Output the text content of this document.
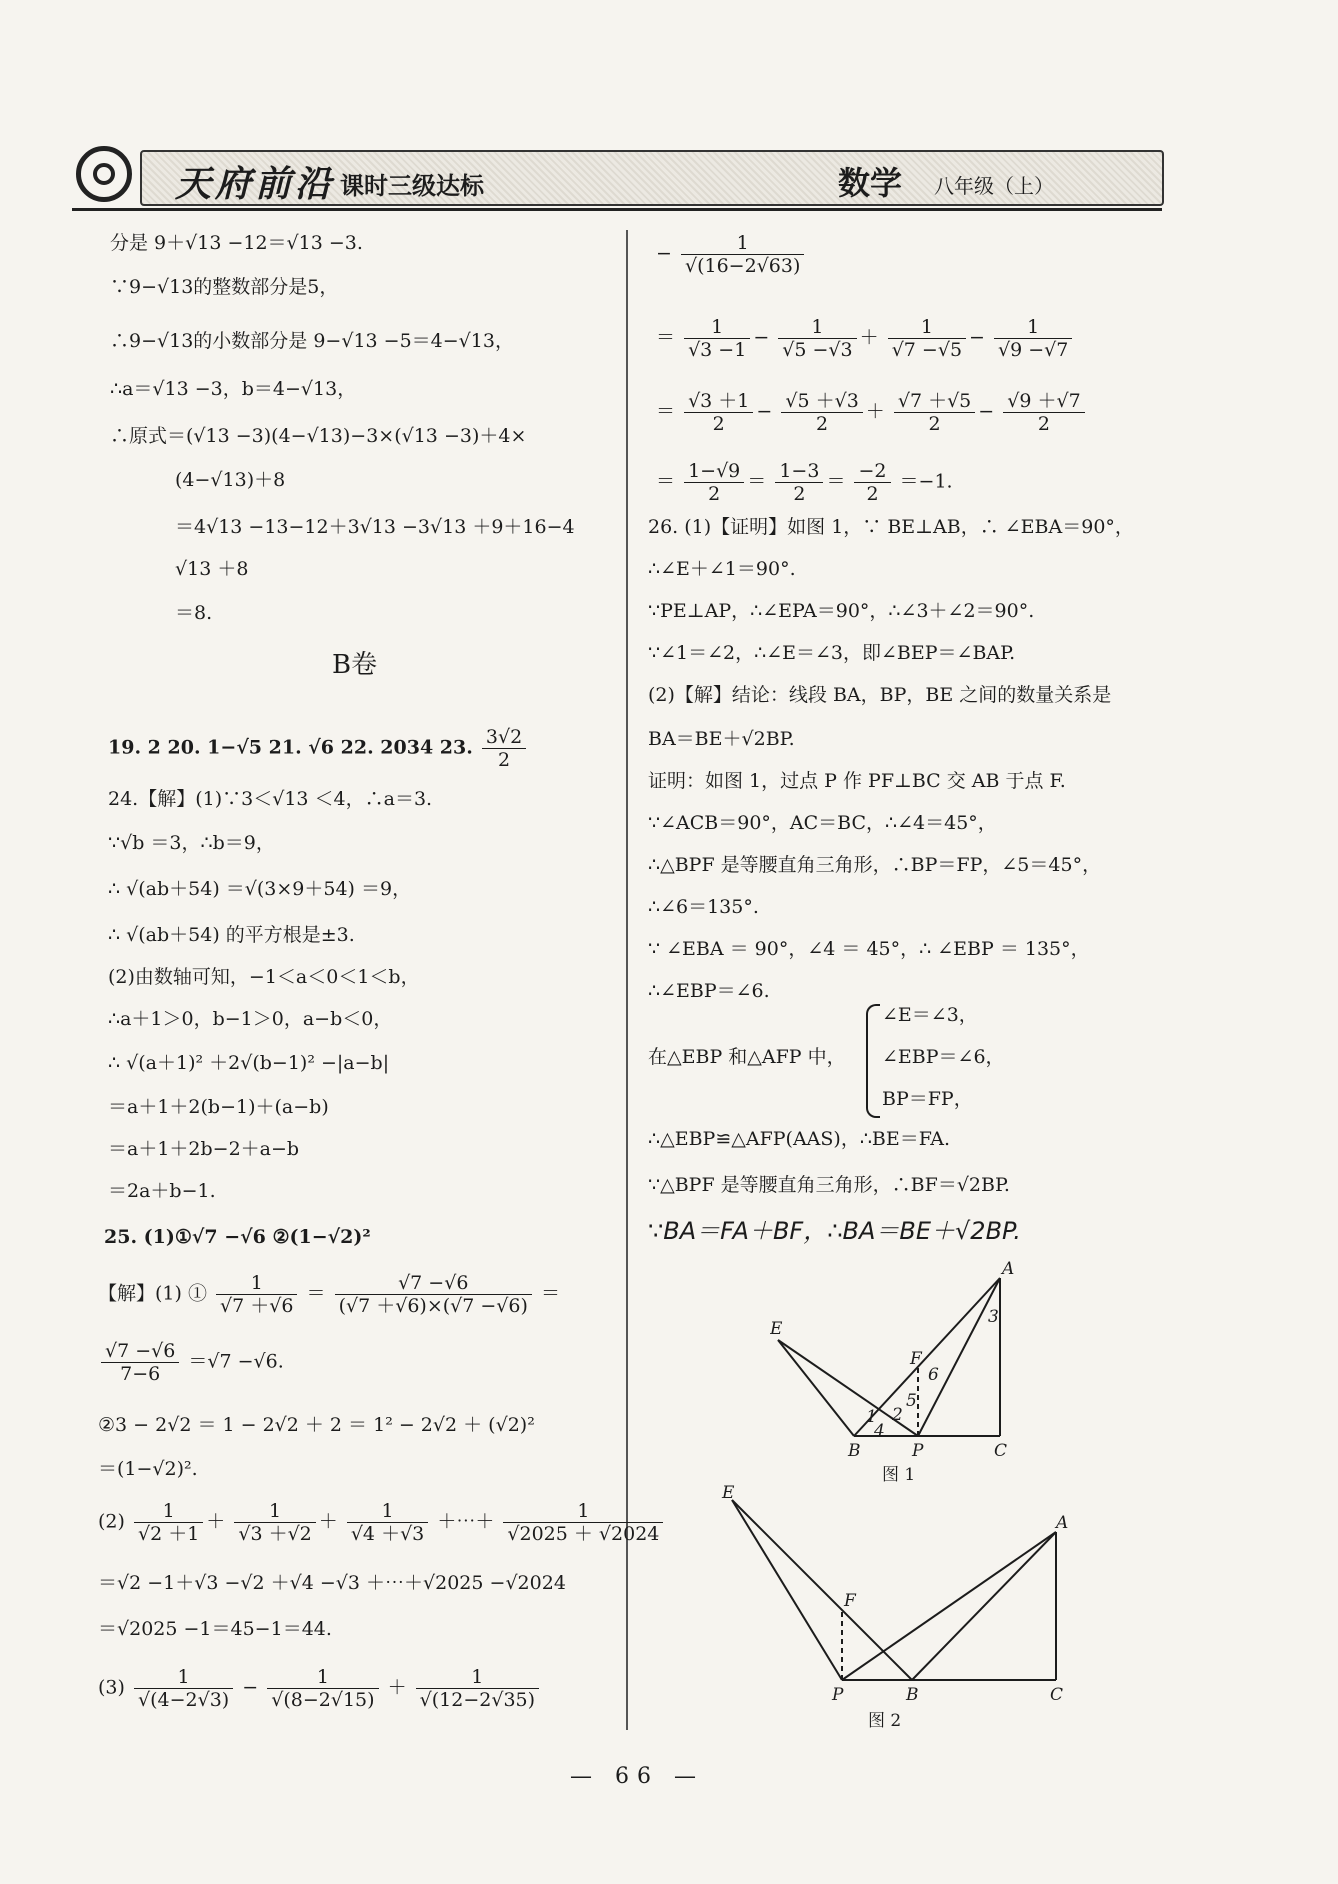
天府前沿 课时三级达标	数学 八年级（上）
分是 9＋√13 −12＝√13 −3.
∵9−√13的整数部分是5，
∴9−√13的小数部分是 9−√13 −5＝4−√13，
∴a＝√13 −3，b＝4−√13，
∴原式＝(√13 −3)(4−√13)−3×(√13 −3)＋4×
(4−√13)＋8
＝4√13 −13−12＋3√13 −3√13 ＋9＋16−4
√13 ＋8
＝8.
B卷
19. 2 20. 1−√5 21. √6 22. 2034 23. $\frac{3√2}{2}$
24.【解】(1)∵3＜√13 ＜4，∴a＝3.
∵√b ＝3，∴b＝9，
∴ √(ab＋54) ＝√(3×9＋54) ＝9，
∴ √(ab＋54) 的平方根是±3.
(2)由数轴可知，−1＜a＜0＜1＜b，
∴a＋1＞0，b−1＞0，a−b＜0，
∴ √(a＋1)² ＋2√(b−1)² −|a−b|
＝a＋1＋2(b−1)＋(a−b)
＝a＋1＋2b−2＋a−b
＝2a＋b−1.
25. (1)①√7 −√6 ②(1−√2)²
【解】(1) ① $\frac{1}{√7 +√6} = \frac{√7 -√6}{(√7 +√6)\times(√7 -√6)}$ ＝
$\frac{√7 -√6}{7-6} =√7 -√6$.
②3 − 2√2 ＝ 1 − 2√2 ＋ 2 ＝ 1² − 2√2 ＋ (√2)²
＝(1−√2)².
$(2) \frac{1}{√2 +1} + \frac{1}{√3 +√2} + \frac{1}{√4 +√3}$ ＋⋯＋ $\frac{1}{√2025 + √2024}$
＝√2 −1＋√3 −√2 ＋√4 −√3 ＋⋯＋√2025 −√2024
＝√2025 −1＝45−1＝44.
$(3) \frac{1}{√(4-2√3)} - \frac{1}{√(8-2√15)} + \frac{1}{√(12-2√35)}$
− $\frac{1}{√(16-2√63)}$
＝ $\frac{1}{√3 -1} - \frac{1}{√5 -√3} + \frac{1}{√7 -√5} - \frac{1}{√9 -√7}$
＝ $\frac{√3 +1}{2} - \frac{√5 +√3}{2} + \frac{√7 +√5}{2} - \frac{√9 +√7}{2}$
＝ $\frac{1-√9}{2} = \frac{1-3}{2} = \frac{-2}{2} =-1$.
26. (1)【证明】如图 1，∵ BE⊥AB，∴ ∠EBA＝90°，
∴∠E＋∠1＝90°.
∵PE⊥AP，∴∠EPA＝90°，∴∠3＋∠2＝90°.
∵∠1＝∠2，∴∠E＝∠3，即∠BEP＝∠BAP.
(2)【解】结论：线段 BA，BP，BE 之间的数量关系是
BA＝BE＋√2BP.
证明：如图 1，过点 P 作 PF⊥BC 交 AB 于点 F.
∵∠ACB＝90°，AC＝BC，∴∠4＝45°，
∴△BPF 是等腰直角三角形，∴BP＝FP，∠5＝45°，
∴∠6＝135°.
∵ ∠EBA ＝ 90°，∠4 ＝ 45°，∴ ∠EBP ＝ 135°，
∴∠EBP＝∠6.
在△EBP 和△AFP 中，
∠E＝∠3，
∠EBP＝∠6，
BP＝FP，
∴△EBP≌△AFP(AAS)，∴BE＝FA.
∵△BPF 是等腰直角三角形，∴BF＝√2BP.
∵BA＝FA＋BF，∴BA＝BE＋√2BP.
A
E
F
6
3
5
1 2
4
B	P	C
图 1
E
A
F
P	B	C
图 2
— 66 —
